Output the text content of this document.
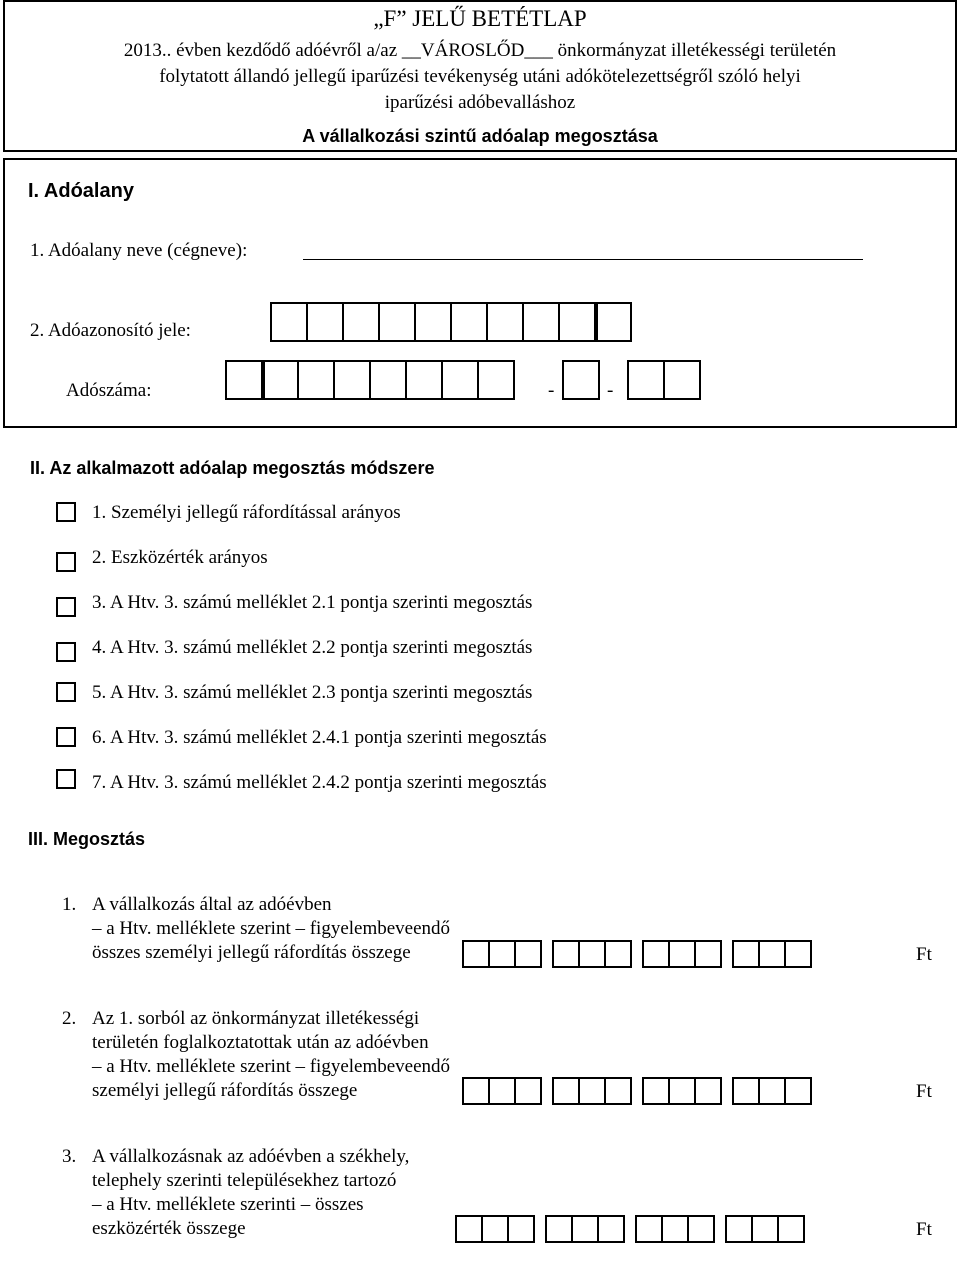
„F” JELŰ BETÉTLAP
2013.. évben kezdődő adóévről a/az __VÁROSLŐD___ önkormányzat illetékességi területén
folytatott állandó jellegű iparűzési tevékenység utáni adókötelezettségről szóló helyi
iparűzési adóbevalláshoz
A vállalkozási szintű adóalap megosztása
I. Adóalany
1. Adóalany neve (cégneve):
2. Adóazonosító jele:
Adószáma:	-	-
II. Az alkalmazott adóalap megosztás módszere
1. Személyi jellegű ráfordítással arányos
2. Eszközérték arányos
3. A Htv. 3. számú melléklet 2.1 pontja szerinti megosztás
4. A Htv. 3. számú melléklet 2.2 pontja szerinti megosztás
5. A Htv. 3. számú melléklet 2.3 pontja szerinti megosztás
6. A Htv. 3. számú melléklet 2.4.1 pontja szerinti megosztás
7. A Htv. 3. számú melléklet 2.4.2 pontja szerinti megosztás
III. Megosztás
1. A vállalkozás által az adóévben
– a Htv. melléklete szerint – figyelembeveendő
összes személyi jellegű ráfordítás összege	Ft
2. Az 1. sorból az önkormányzat illetékességi
területén foglalkoztatottak után az adóévben
– a Htv. melléklete szerint – figyelembeveendő
személyi jellegű ráfordítás összege	Ft
3. A vállalkozásnak az adóévben a székhely,
telephely szerinti településekhez tartozó
– a Htv. melléklete szerinti – összes
eszközérték összege	Ft
